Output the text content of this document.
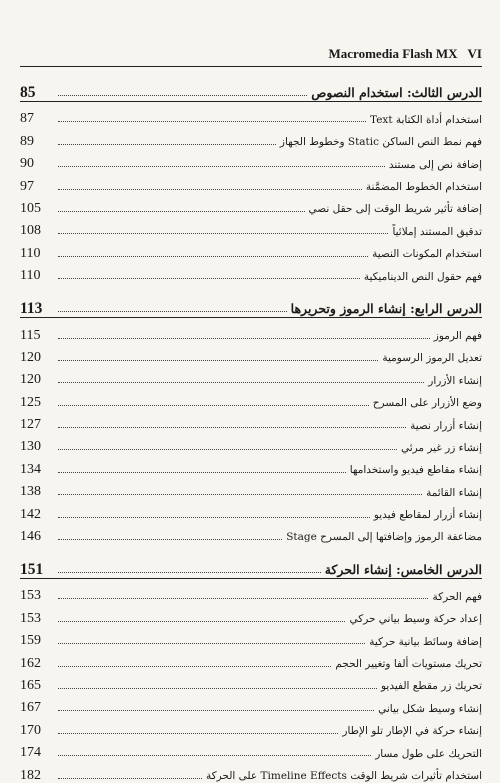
Macromedia Flash MX VI
85	الدرس الثالث: استخدام النصوص
87	استخدام أداة الكتابة Text
89	فهم نمط النص الساكن Static وخطوط الجهاز
90	إضافة نص إلى مستند
97	استخدام الخطوط المضمَّنة
105	إضافة تأثير شريط الوقت إلى حقل نصي
108	تدقيق المستند إملائياً
110	استخدام المكونات النصية
110	فهم حقول النص الديناميكية
113	الدرس الرابع: إنشاء الرموز وتحريرها
115	فهم الرموز
120	تعديل الرموز الرسومية
120	إنشاء الأزرار
125	وضع الأزرار على المسرح
127	إنشاء أزرار نصية
130	إنشاء زر غير مرئي
134	إنشاء مقاطع فيديو واستخدامها
138	إنشاء القائمة
142	إنشاء أزرار لمقاطع فيديو
146	مضاعفة الرموز وإضافتها إلى المسرح Stage
151	الدرس الخامس: إنشاء الحركة
153	فهم الحركة
153	إعداد حركة وسيط بياني حركي
159	إضافة وسائط بيانية حركية
162	تحريك مستويات ألفا وتغيير الحجم
165	تحريك زر مقطع الفيديو
167	إنشاء وسيط شكل بياني
170	إنشاء حركة في الإطار تلو الإطار
174	التحريك على طول مسار
182	استخدام تأثيرات شريط الوقت Timeline Effects على الحركة
